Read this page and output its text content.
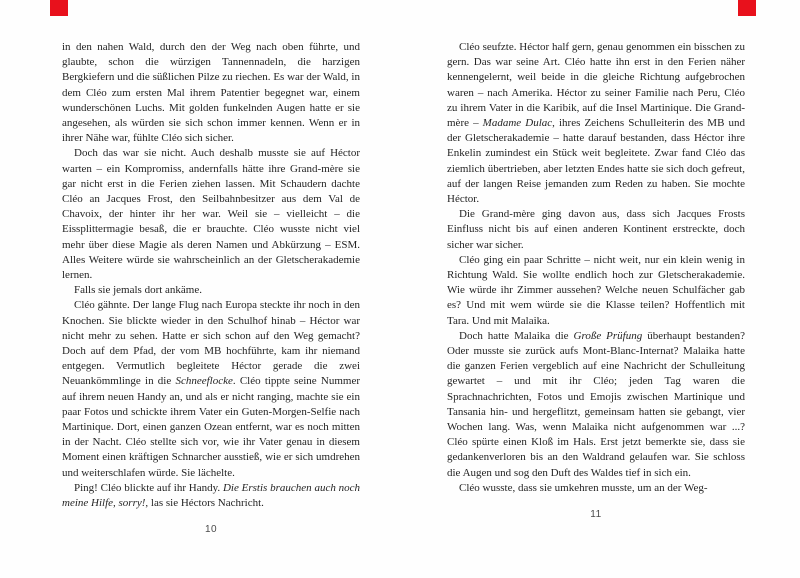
in den nahen Wald, durch den der Weg nach oben führte, und glaubte, schon die würzigen Tannennadeln, die harzigen Bergkiefern und die süßlichen Pilze zu riechen. Es war der Wald, in dem Cléo zum ersten Mal ihrem Patentier begegnet war, einem wunderschönen Luchs. Mit golden funkelnden Augen hatte er sie angesehen, als würden sie sich schon immer kennen. Wenn er in ihrer Nähe war, fühlte Cléo sich sicher.

Doch das war sie nicht. Auch deshalb musste sie auf Héctor warten – ein Kompromiss, andernfalls hätte ihre Grand-mère sie gar nicht erst in die Ferien ziehen lassen. Mit Schaudern dachte Cléo an Jacques Frost, den Seilbahnbesitzer aus dem Val de Chavoix, der hinter ihr her war. Weil sie – vielleicht – die Eissplittermagie besaß, die er brauchte. Cléo wusste nicht viel mehr über diese Magie als deren Namen und Abkürzung – ESM. Alles Weitere würde sie wahrscheinlich an der Gletscherakademie lernen.

Falls sie jemals dort ankäme.

Cléo gähnte. Der lange Flug nach Europa steckte ihr noch in den Knochen. Sie blickte wieder in den Schulhof hinab – Héctor war nicht mehr zu sehen. Hatte er sich schon auf den Weg gemacht? Doch auf dem Pfad, der vom MB hochführte, kam ihr niemand entgegen. Vermutlich begleitete Héctor gerade die zwei Neuankömmlinge in die Schneeflocke. Cléo tippte seine Nummer auf ihrem neuen Handy an, und als er nicht ranging, machte sie ein paar Fotos und schickte ihrem Vater ein Guten-Morgen-Selfie nach Martinique. Dort, einen ganzen Ozean entfernt, war es noch mitten in der Nacht. Cléo stellte sich vor, wie ihr Vater genau in diesem Moment einen kräftigen Schnarcher ausstieß, wie er sich umdrehen und weiterschlafen würde. Sie lächelte.

Ping! Cléo blickte auf ihr Handy. Die Erstis brauchen auch noch meine Hilfe, sorry!, las sie Héctors Nachricht.

10

Cléo seufzte. Héctor half gern, genau genommen ein bisschen zu gern. Das war seine Art. Cléo hatte ihn erst in den Ferien näher kennengelernt, weil beide in die gleiche Richtung aufgebrochen waren – nach Amerika. Héctor zu seiner Familie nach Peru, Cléo zu ihrem Vater in die Karibik, auf die Insel Martinique. Die Grand-mère – Madame Dulac, ihres Zeichens Schulleiterin des MB und der Gletscherakademie – hatte darauf bestanden, dass Héctor ihre Enkelin zumindest ein Stück weit begleitete. Zwar fand Cléo das ziemlich übertrieben, aber letzten Endes hatte sie sich doch gefreut, auf der langen Reise jemanden zum Reden zu haben. Sie mochte Héctor.

Die Grand-mère ging davon aus, dass sich Jacques Frosts Einfluss nicht bis auf einen anderen Kontinent erstreckte, doch sicher war sicher.

Cléo ging ein paar Schritte – nicht weit, nur ein klein wenig in Richtung Wald. Sie wollte endlich hoch zur Gletscherakademie. Wie würde ihr Zimmer aussehen? Welche neuen Schulfächer gab es? Und mit wem würde sie die Klasse teilen? Hoffentlich mit Tara. Und mit Malaika.

Doch hatte Malaika die Große Prüfung überhaupt bestanden? Oder musste sie zurück aufs Mont-Blanc-Internat? Malaika hatte die ganzen Ferien vergeblich auf eine Nachricht der Schulleitung gewartet – und mit ihr Cléo; jeden Tag waren die Sprachnachrichten, Fotos und Emojis zwischen Martinique und Tansania hin- und hergeflitzt, gemeinsam hatten sie gebangt, vier Wochen lang. Was, wenn Malaika nicht aufgenommen war ...? Cléo spürte einen Kloß im Hals. Erst jetzt bemerkte sie, dass sie gedankenverloren bis an den Waldrand gelaufen war. Sie schloss die Augen und sog den Duft des Waldes tief in sich ein.

Cléo wusste, dass sie umkehren musste, um an der Weg-

11
